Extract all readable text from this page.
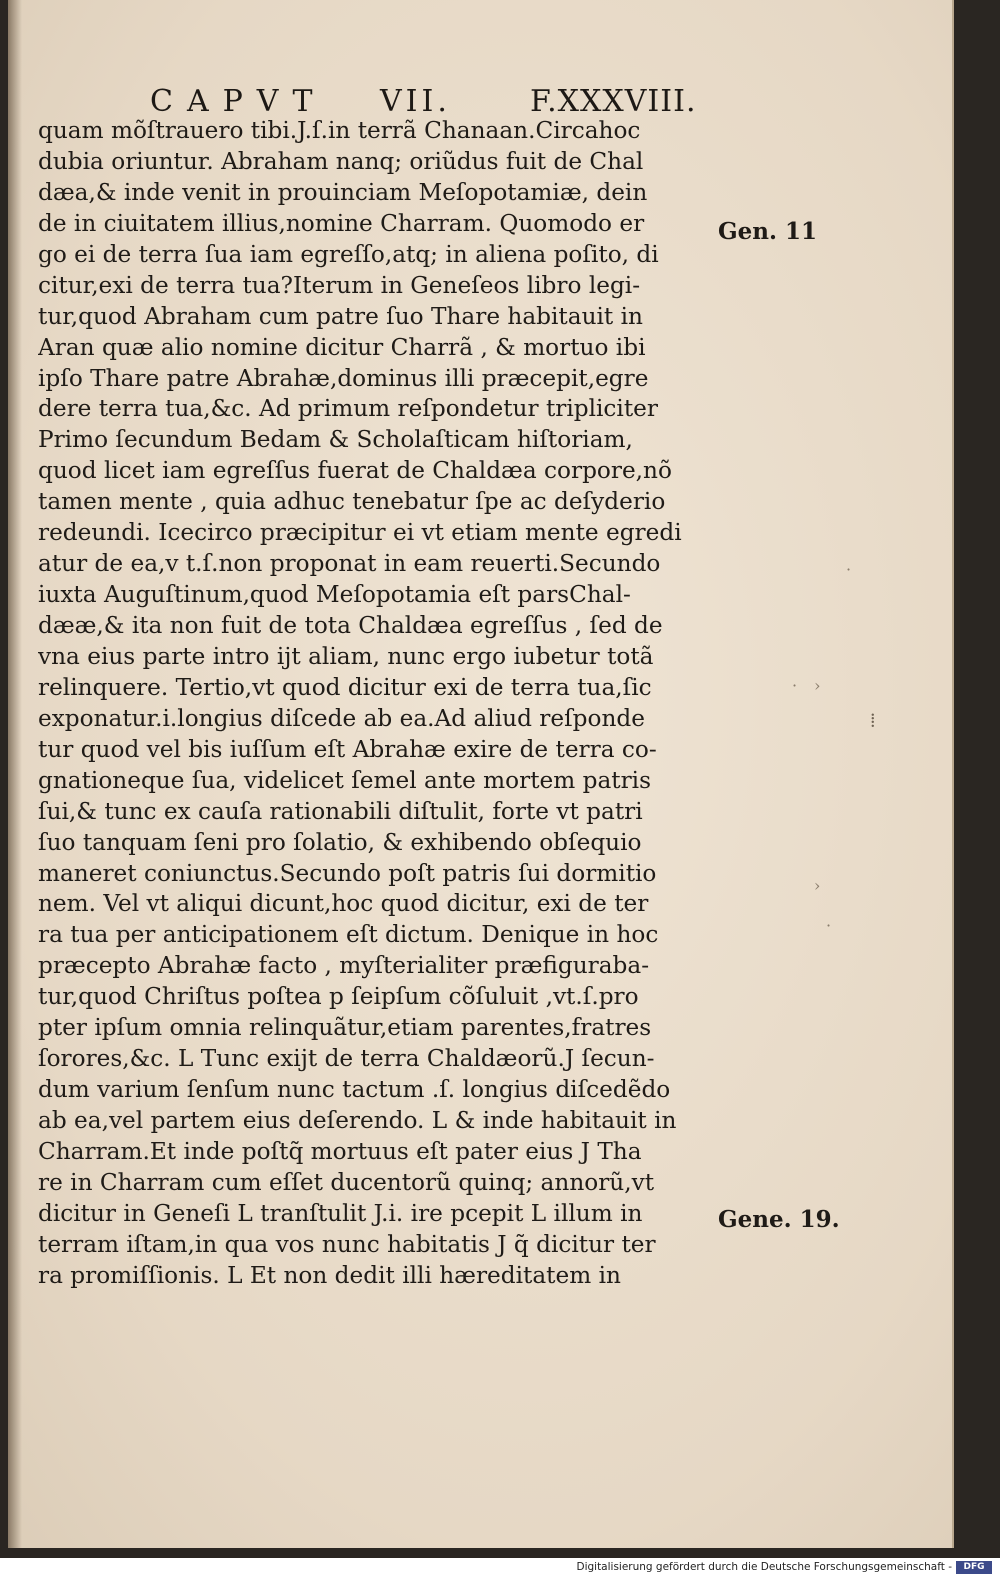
CAPVT VII.	F.XXXVIII.
quam mõſtrauero tibi.J.ſ.in terrã Chanaan.Circahoc
dubia oriuntur. Abraham nanq; oriũdus fuit de Chal
dæa,& inde venit in prouinciam Meſopotamiæ, dein
de in ciuitatem illius,nomine Charram. Quomodo er
go ei de terra ſua iam egreſſo,atq; in aliena poſito, di
citur,exi de terra tua?Iterum in Geneſeos libro legi-
tur,quod Abraham cum patre ſuo Thare habitauit in
Aran quæ alio nomine dicitur Charrã , & mortuo ibi
ipſo Thare patre Abrahæ,dominus illi præcepit,egre
dere terra tua,&c. Ad primum reſpondetur tripliciter
Primo ſecundum Bedam & Scholaſticam hiſtoriam,
quod licet iam egreſſus fuerat de Chaldæa corpore,nõ
tamen mente , quia adhuc tenebatur ſpe ac deſyderio
redeundi. Icecirco præcipitur ei vt etiam mente egredi
atur de ea,v t.ſ.non proponat in eam reuerti.Secundo
iuxta Auguſtinum,quod Meſopotamia eſt parsChal-
dææ,& ita non fuit de tota Chaldæa egreſſus , ſed de
vna eius parte intro ijt aliam, nunc ergo iubetur totã
relinquere. Tertio,vt quod dicitur exi de terra tua,ſic
exponatur.i.longius diſcede ab ea.Ad aliud reſponde
tur quod vel bis iuſſum eſt Abrahæ exire de terra co-
gnationeque ſua, videlicet ſemel ante mortem patris
ſui,& tunc ex cauſa rationabili diſtulit, forte vt patri
ſuo tanquam ſeni pro ſolatio, & exhibendo obſequio
maneret coniunctus.Secundo poſt patris ſui dormitio
nem. Vel vt aliqui dicunt,hoc quod dicitur, exi de ter
ra tua per anticipationem eſt dictum. Denique in hoc
præcepto Abrahæ facto , myſterialiter præfiguraba-
tur,quod Chriſtus poſtea p ſeipſum cõſuluit ,vt.ſ.pro
pter ipſum omnia relinquãtur,etiam parentes,fratres
ſorores,&c. L Tunc exijt de terra Chaldæorũ.J ſecun-
dum varium ſenſum nunc tactum .ſ. longius diſcedẽdo
ab ea,vel partem eius deſerendo. L & inde habitauit in
Charram.Et inde poſtq̃ mortuus eſt pater eius J Tha
re in Charram cum eſſet ducentorũ quinq; annorũ,vt
dicitur in Geneſi L tranſtulit J.i. ire pcepit L illum in
terram iſtam,in qua vos nunc habitatis J q̃ dicitur ter
ra promiſſionis. L Et non dedit illi hæreditatem in
Gen. 11
Gene. 19.
·
· ›
⁞
›
·
Digitalisierung gefördert durch die Deutsche Forschungsgemeinschaft -	DFG
